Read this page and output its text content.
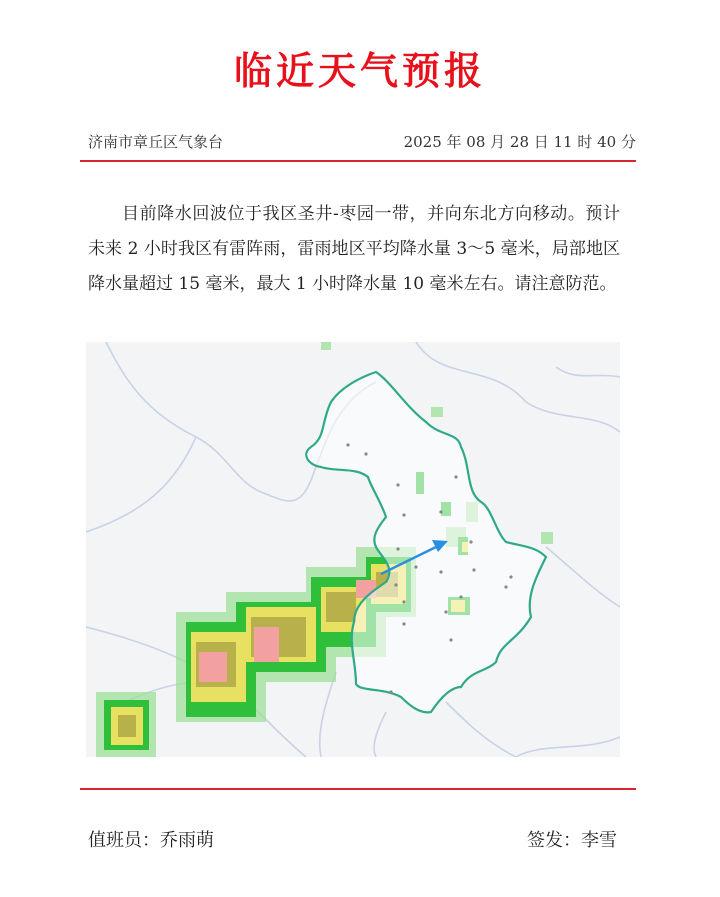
临近天气预报
济南市章丘区气象台	2025 年 08 月 28 日 11 时 40 分
目前降水回波位于我区圣井-枣园一带，并向东北方向移动。预计未来 2 小时我区有雷阵雨，雷雨地区平均降水量 3～5 毫米，局部地区降水量超过 15 毫米，最大 1 小时降水量 10 毫米左右。请注意防范。
值班员：乔雨萌	签发：李雪
